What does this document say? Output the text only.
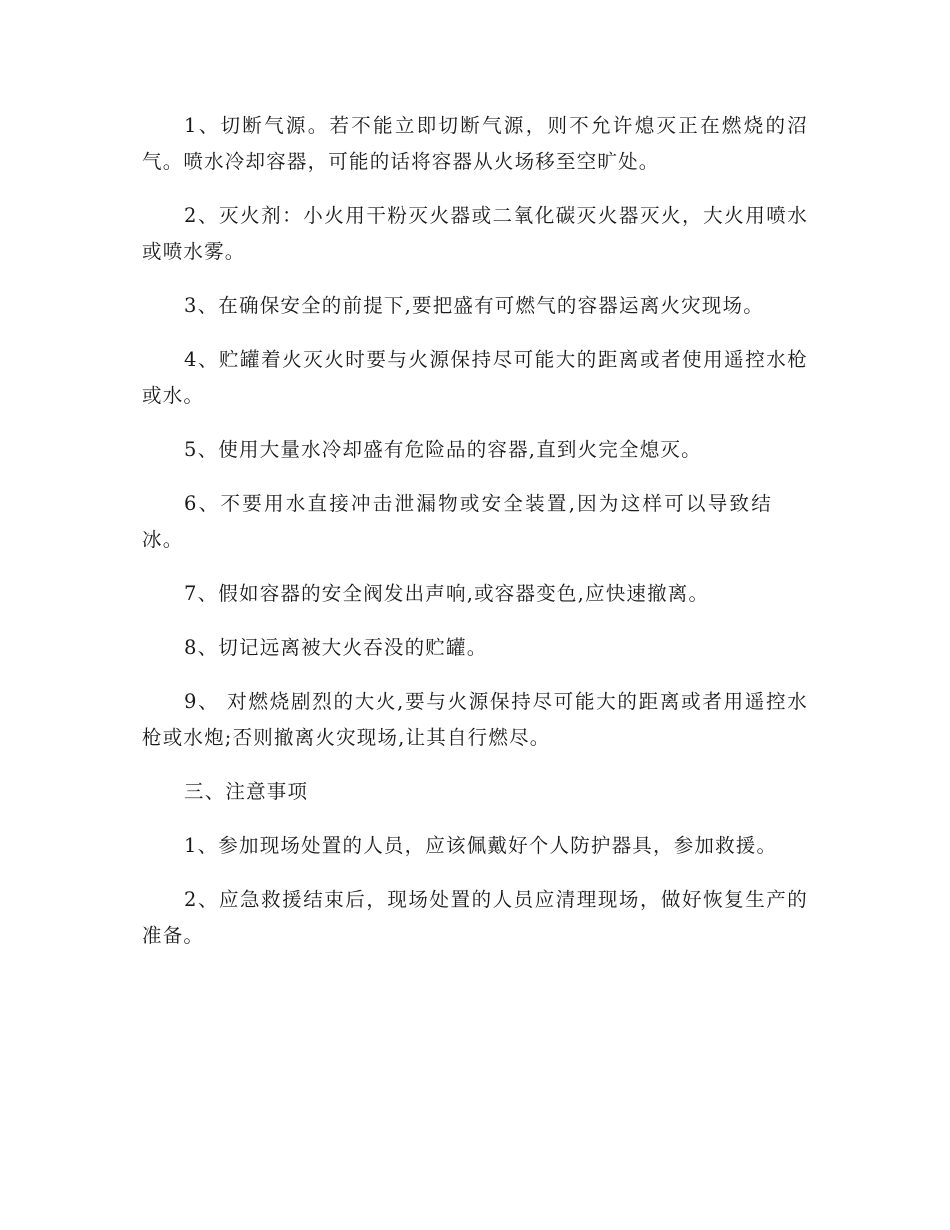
1、切断气源。若不能立即切断气源，则不允许熄灭正在燃烧的沼气。喷水冷却容器，可能的话将容器从火场移至空旷处。

2、灭火剂：小火用干粉灭火器或二氧化碳灭火器灭火，大火用喷水或喷水雾。

3、在确保安全的前提下,要把盛有可燃气的容器运离火灾现场。

4、贮罐着火灭火时要与火源保持尽可能大的距离或者使用遥控水枪或水。

5、使用大量水冷却盛有危险品的容器,直到火完全熄灭。

6、不要用水直接冲击泄漏物或安全装置,因为这样可以导致结冰。

7、假如容器的安全阀发出声响,或容器变色,应快速撤离。

8、切记远离被大火吞没的贮罐。

9、 对燃烧剧烈的大火,要与火源保持尽可能大的距离或者用遥控水枪或水炮;否则撤离火灾现场,让其自行燃尽。

三、注意事项

1、参加现场处置的人员，应该佩戴好个人防护器具，参加救援。

2、应急救援结束后，现场处置的人员应清理现场，做好恢复生产的准备。
